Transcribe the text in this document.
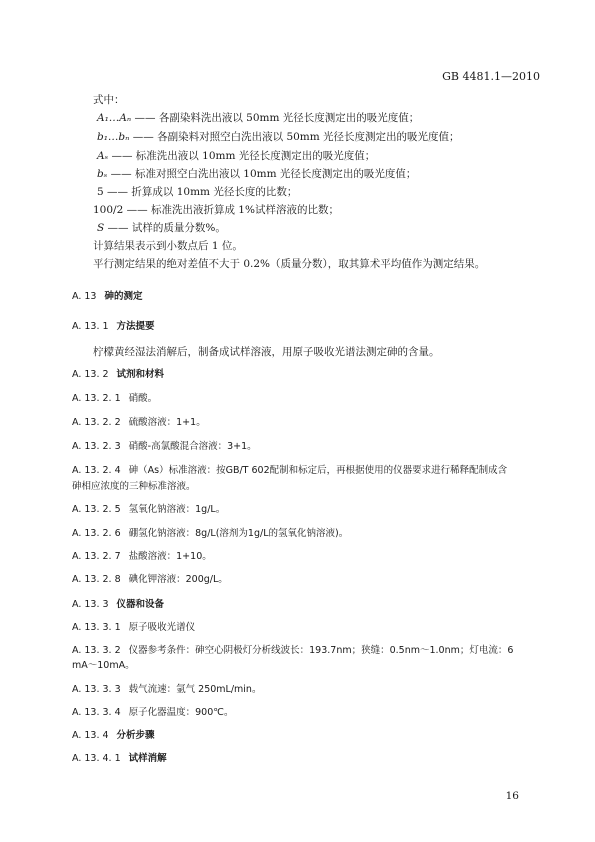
GB 4481.1—2010
式中：
A₁…Aₙ —— 各副染料洗出液以 50mm 光径长度测定出的吸光度值；
b₁…bₙ —— 各副染料对照空白洗出液以 50mm 光径长度测定出的吸光度值；
Aₛ —— 标准洗出液以 10mm 光径长度测定出的吸光度值；
bₛ —— 标准对照空白洗出液以 10mm 光径长度测定出的吸光度值；
5 —— 折算成以 10mm 光径长度的比数；
100/2 —— 标准洗出液折算成 1%试样溶液的比数；
S —— 试样的质量分数%。
计算结果表示到小数点后 1 位。
平行测定结果的绝对差值不大于 0.2%（质量分数），取其算术平均值作为测定结果。
A. 13 砷的测定
A. 13. 1 方法提要
柠檬黄经湿法消解后，制备成试样溶液，用原子吸收光谱法测定砷的含量。
A. 13. 2 试剂和材料
A. 13. 2. 1 硝酸。
A. 13. 2. 2 硫酸溶液：1+1。
A. 13. 2. 3 硝酸-高氯酸混合溶液：3+1。
A. 13. 2. 4 砷（As）标准溶液：按GB/T 602配制和标定后，再根据使用的仪器要求进行稀释配制成含
砷相应浓度的三种标准溶液。
A. 13. 2. 5 氢氧化钠溶液：1g/L。
A. 13. 2. 6 硼氢化钠溶液：8g/L(溶剂为1g/L的氢氧化钠溶液)。
A. 13. 2. 7 盐酸溶液：1+10。
A. 13. 2. 8 碘化钾溶液：200g/L。
A. 13. 3 仪器和设备
A. 13. 3. 1 原子吸收光谱仪
A. 13. 3. 2 仪器参考条件：砷空心阴极灯分析线波长：193.7nm；狭缝：0.5nm～1.0nm；灯电流：6
mA～10mA。
A. 13. 3. 3 载气流速：氩气 250mL/min。
A. 13. 3. 4 原子化器温度：900℃。
A. 13. 4 分析步骤
A. 13. 4. 1 试样消解
16
